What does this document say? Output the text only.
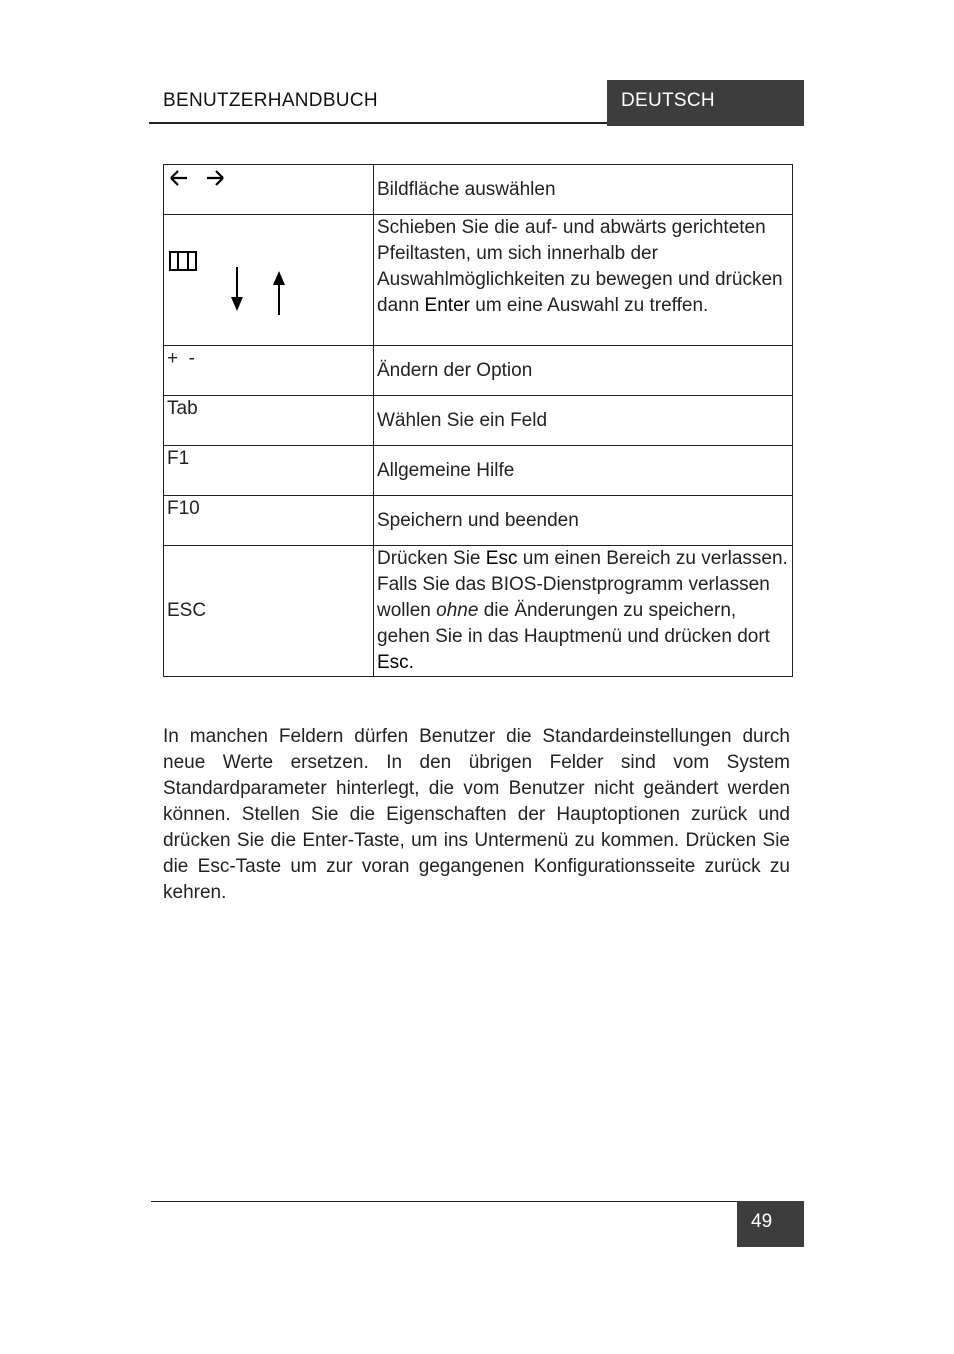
BENUTZERHANDBUCH	DEUTSCH
	Bildfläche auswählen

	Schieben Sie die auf- und abwärts gerichteten Pfeiltasten, um sich innerhalb der Auswahlmöglichkeiten zu bewegen und drücken dann Enter um eine Auswahl zu treffen.
+  -	Ändern der Option
Tab	Wählen Sie ein Feld
F1	Allgemeine Hilfe
F10	Speichern und beenden
ESC	Drücken Sie Esc um einen Bereich zu verlassen. Falls Sie das BIOS-Dienstprogramm verlassen wollen ohne die Änderungen zu speichern, gehen Sie in das Hauptmenü und drücken dort Esc.

In manchen Feldern dürfen Benutzer die Standardeinstellungen durch neue Werte ersetzen. In den übrigen Felder sind vom System Standardparameter hinterlegt, die vom Benutzer nicht geändert werden können. Stellen Sie die Eigenschaften der Hauptoptionen zurück und drücken Sie die Enter-Taste, um ins Untermenü zu kommen. Drücken Sie die Esc-Taste um zur voran gegangenen Konfigurationsseite zurück zu kehren.

49
